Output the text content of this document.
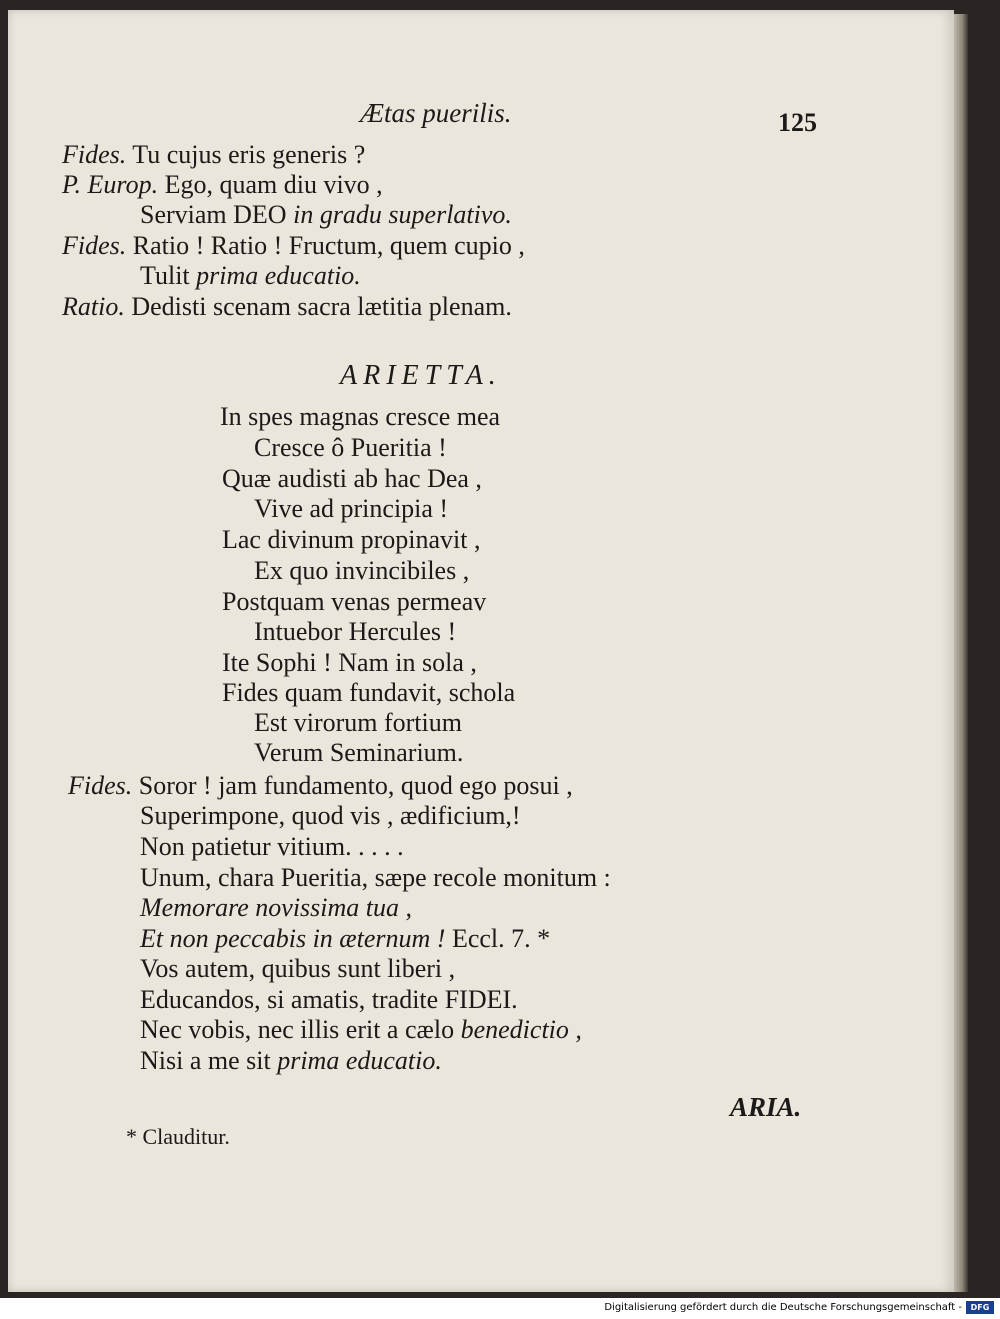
Ætas puerilis.	125
Fides. Tu cujus eris generis ?
P. Europ. Ego, quam diu vivo ,
Serviam DEO in gradu superlativo.
Fides. Ratio ! Ratio ! Fructum, quem cupio ,
Tulit prima educatio.
Ratio. Dedisti scenam sacra lætitia plenam.
ARIETTA.
In spes magnas cresce mea
Cresce ô Pueritia !
Quæ audisti ab hac Dea ,
Vive ad principia !
Lac divinum propinavit ,
Ex quo invincibiles ,
Postquam venas permeav
Intuebor Hercules !
Ite Sophi ! Nam in sola ,
Fides quam fundavit, schola
Est virorum fortium
Verum Seminarium.
Fides. Soror ! jam fundamento, quod ego posui ,
Superimpone, quod vis , ædificium,!
Non patietur vitium. . . . .
Unum, chara Pueritia, sæpe recole monitum :
Memorare novissima tua ,
Et non peccabis in æternum ! Eccl. 7. *
Vos autem, quibus sunt liberi ,
Educandos, si amatis, tradite FIDEI.
Nec vobis, nec illis erit a cælo benedictio ,
Nisi a me sit prima educatio.
ARIA.
* Clauditur.
Digitalisierung gefördert durch die Deutsche Forschungsgemeinschaft -	DFG
